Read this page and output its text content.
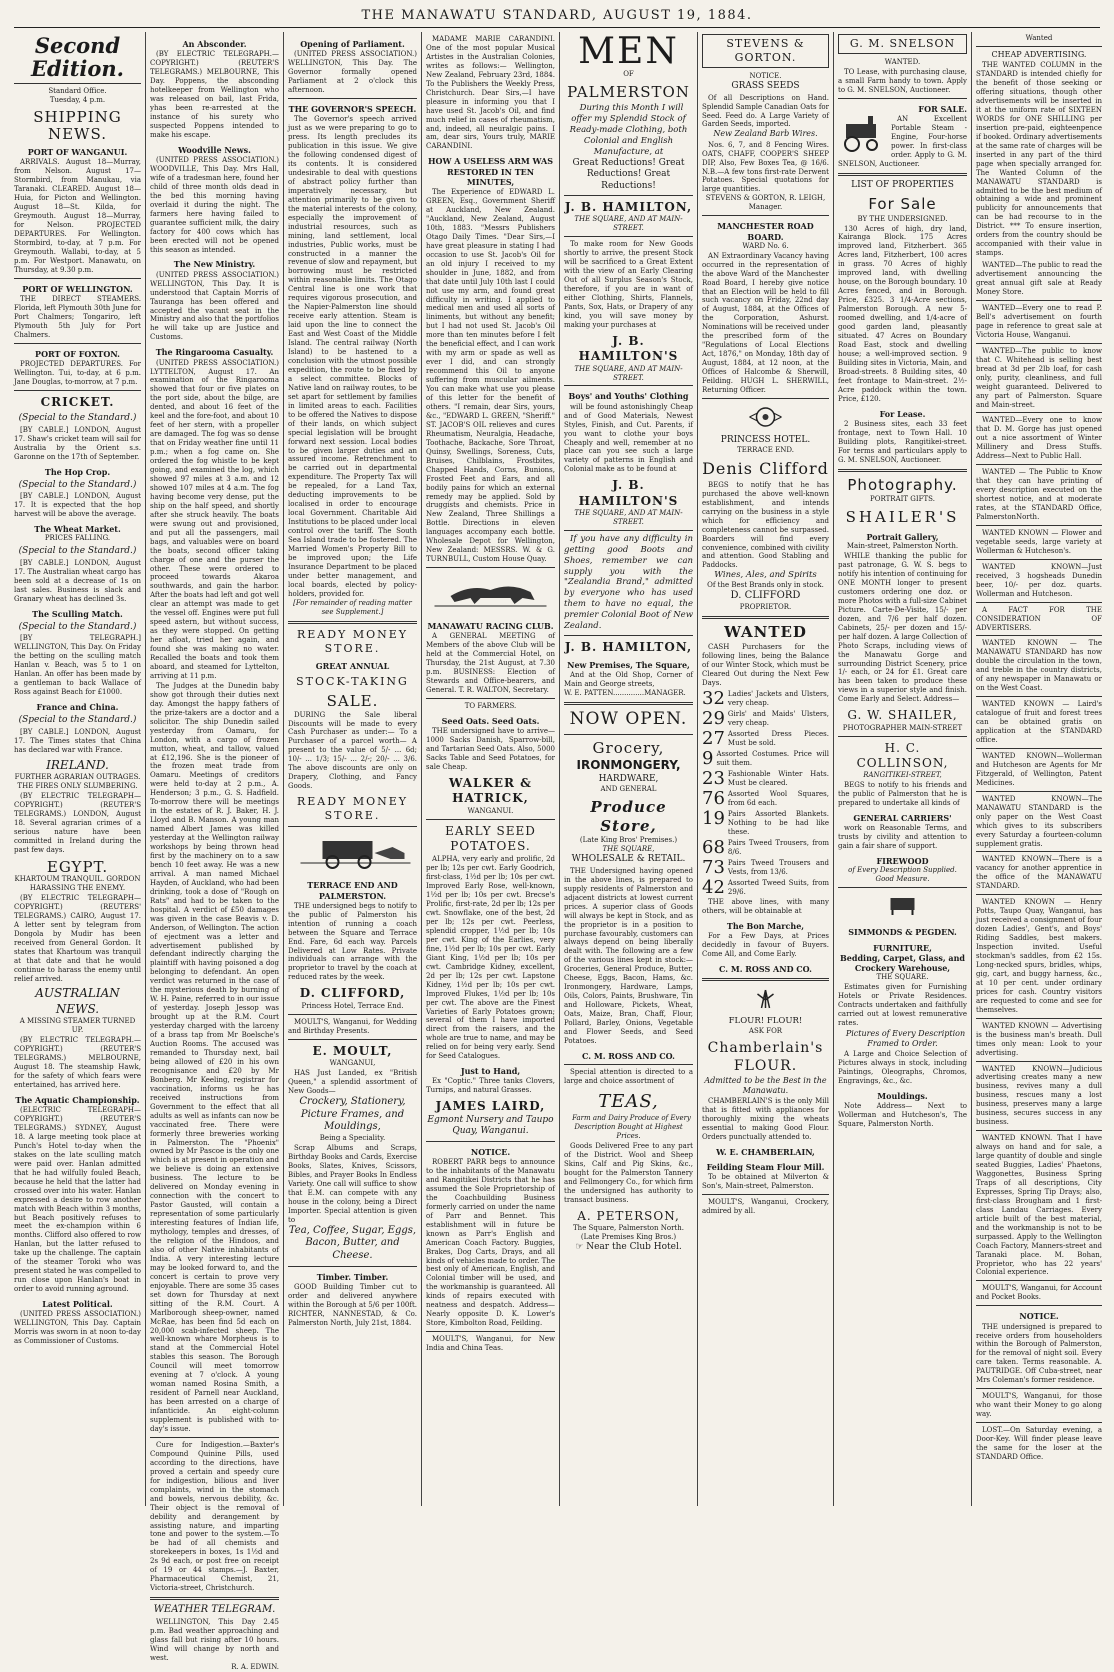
THE MANAWATU STANDARD, AUGUST 19, 1884.
Second Edition.
Standard Office.
Tuesday, 4 p.m.
SHIPPING NEWS.
PORT OF WANGANUI.

ARRIVALS. August 18—Murray, from Nelson. August 17—Stormbird, from Manukau, via Taranaki. CLEARED. August 18—Huia, for Picton and Wellington. August 18—St. Kilda, for Greymouth. August 18—Murray, for Nelson. PROJECTED DEPARTURES. For Wellington. Stormbird, to-day, at 7 p.m. For Greymouth. Wallabi, to-day, at 5 p.m. For Westport. Manawatu, on Thursday, at 9.30 p.m.

PORT OF WELLINGTON.

THE DIRECT STEAMERS. Florida, left Plymouth 30th June for Port Chalmers; Tongariro, left Plymouth 5th July for Port Chalmers.

PORT OF FOXTON.

PROJECTED DEPARTURES. For Wellington. Tui, to-day, at 6 p.m. Jane Douglas, to-morrow, at 7 p.m.

CRICKET.
(Special to the Standard.)

[BY CABLE.] LONDON, August 17. Shaw's cricket team will sail for Australia by the Orient s.s. Garonne on the 17th of September.

The Hop Crop.
(Special to the Standard.)

[BY CABLE.] LONDON, August 17. It is expected that the hop harvest will be above the average.

The Wheat Market.
PRICES FALLING.
(Special to the Standard.)

[BY CABLE.] LONDON, August 17. The Australian wheat cargo has been sold at a decrease of 1s on last sales. Business is slack and Granary wheat has declined 3s.

The Sculling Match.
(Special to the Standard.)

[BY TELEGRAPH.] WELLINGTON, This Day. On Friday the betting on the sculling match Hanlan v. Beach, was 5 to 1 on Hanlan. An offer has been made by a gentleman to back Wallace of Ross against Beach for £1000.

France and China.
(Special to the Standard.)

[BY CABLE.] LONDON, August 17. The Times states that China has declared war with France.

IRELAND.
FURTHER AGRARIAN OUTRAGES. THE FIRES ONLY SLUMBERING.

(BY ELECTRIC TELEGRAPH—COPYRIGHT.) (REUTER'S TELEGRAMS.) LONDON, August 18. Several agrarian crimes of a serious nature have been committed in Ireland during the past few days.

EGYPT.
KHARTOUM TRANQUIL. GORDON HARASSING THE ENEMY.

(BY ELECTRIC TELEGRAPH—COPYRIGHT.) (REUTERS' TELEGRAMS.) CAIRO, August 17. A letter sent by telegram from Dongola by Mudir has been received from General Gordon. It states that Khartoum was tranquil at that date and that he would continue to harass the enemy until relief arrived.

AUSTRALIAN NEWS.
A MISSING STEAMER TURNED UP.

(BY ELECTRIC TELEGRAPH.—COPYRIGHT.) (REUTER'S TELEGRAMS.) MELBOURNE, August 18. The steamship Hawk, for the safety of which fears were entertained, has arrived here.

The Aquatic Championship.

(ELECTRIC TELEGRAPH—COPYRIGHT.) (REUTER'S TELEGRAMS.) SYDNEY, August 18. A large meeting took place at Punch's Hotel to-day when the stakes on the late sculling match were paid over. Hanlan admitted that he had wilfully fouled Beach, because he held that the latter had crossed over into his water. Hanlan expressed a desire to row another match with Beach within 3 months, but Beach positively refuses to meet the ex-champion within 6 months. Clifford also offered to row Hanlan, but the latter refused to take up the challenge. The captain of the steamer Toroki who was present stated he was compelled to run close upon Hanlan's boat in order to avoid running aground.

Latest Political.

(UNITED PRESS ASSOCIATION.) WELLINGTON, This Day. Captain Morris was sworn in at noon to-day as Commissioner of Customs.

An Absconder.

(BY ELECTRIC TELEGRAPH.—COPYRIGHT.) (REUTER'S TELEGRAMS.) MELBOURNE, This Day. Poppens, the absconding hotelkeeper from Wellington who was released on bail, last Frida, yhas been re-arrested at the instance of his surety who suspected Poppens intended to make his escape.

Woodville News.

(UNITED PRESS ASSOCIATION.) WOODVILLE, This Day. Mrs Hall, wife of a tradesman here, found her child of three month olds dead in the bed this morning having overlaid it during the night. The farmers here having failed to guarantee sufficient milk, the dairy factory for 400 cows which has been erected will not be opened this season as intended.

The New Ministry.

(UNITED PRESS ASSOCIATION.) WELLINGTON, This Day. It is understood that Captain Morris of Tauranga has been offered and accepted the vacant seat in the Ministry and also that the portfolios he will take up are Justice and Customs.

The Ringarooma Casualty.

(UNITED PRESS ASSOCIATION.) LYTTELTON, August 17. An examination of the Ringarooma showed that four or five plates on the port side, about the bilge, are dented, and about 16 feet of the keel and the fore-foot, and about 10 feet of her stern, with a propeller are damaged. The fog was so dense that on Friday weather fine until 11 p.m.; when a fog came on. She ordered the fog whistle to be kept going, and examined the log, which showed 97 miles at 3 a.m. and 12 showed 107 miles at 4 a.m. The fog having become very dense, put the ship on the half speed, and shortly after she struck heavily. The boats were swung out and provisioned, and put all the passengers, mail bags, and valuables were on board the boats, second officer taking charge of one and the purser the other. These were ordered to proceed towards Akaroa southwards, and gain the harbor. After the boats had left and got well clear an attempt was made to get the vessel off. Engines were put full speed astern, but without success, as they were stopped. On getting her afloat, tried her again, and found she was making no water. Recalled the boats and took them aboard, and steamed for Lyttelton, arriving at 11 p.m.

The Judges at the Dunedin baby show got through their duties next day. Amongst the happy fathers of the prize-takers are a doctor and a solicitor. The ship Dunedin sailed yesterday from Oamaru, for London, with a cargo of frozen mutton, wheat, and tallow, valued at £12,196. She is the pioneer of the frozen meat trade from Oamaru. Meetings of creditors were held to-day at 2 p.m., A. Henderson; 3 p.m., G. S. Hadfield. To-morrow there will be meetings in the estates of R. J. Baker, H. J. Lloyd and B. Manson. A young man named Albert James was killed yesterday at the Wellington railway workshops by being thrown head first by the machinery on to a saw bench 10 feet away. He was a new arrival. A man named Michael Hayden, of Auckland, who had been drinking, took a dose of "Rough on Rats" and had to be taken to the hospital. A verdict of £50 damages was given in the case Beavis v. D. Anderson, of Wellington. The action of ejectment was a letter and advertisement published by defendant indirectly charging the plaintiff with having poisoned a dog belonging to defendant. An open verdict was returned in the case of the mysterious death by burning of W. H. Paine, referred to in our issue of yesterday. Joseph Jessop was brought up at the R.M. Court yesterday charged with the larceny of a brass tap from Mr Boelsche's Auction Rooms. The accused was remanded to Thursday next, bail being allowed of £20 in his own recognisance and £20 by Mr Bonberg. Mr Keeling, registrar for vaccination, informs us he has received instructions from Government to the effect that all adults as well as infants can now be vaccinated free. There were formerly three breweries working in Palmerston. The "Phoenix" owned by Mr Pascoe is the only one which is at present in operation and we believe is doing an extensive business. The lecture to be delivered on Monday evening in connection with the concert to Pastor Gausted, will contain a representation of some particularly interesting features of Indian life, mythology, temples and dresses, of the religion of the Hindoos, and also of other Native inhabitants of India. A very interesting lecture may be looked forward to, and the concert is certain to prove very enjoyable. There are some 35 cases set down for Thursday at next sitting of the R.M. Court. A Marlborough sheep-owner, named McRae, has been find 5d each on 20,000 scab-infected sheep. The well-known whare Morpheus is to stand at the Commercial Hotel stables this season. The Borough Council will meet tomorrow evening at 7 o'clock. A young woman named Rosina Smith, a resident of Parnell near Auckland, has been arrested on a charge of infanticide. An eight-column supplement is published with to-day's issue.

Cure for Indigestion.—Baxter's Compound Quinine Pills, used according to the directions, have proved a certain and speedy cure for indigestion, bilious and liver complaints, wind in the stomach and bowels, nervous debility, &c. Their object is the removal of debility and derangement by assisting nature, and imparting tone and power to the system.—To be had of all chemists and storekeepers in boxes, 1s 1½d and 2s 9d each, or post free on receipt of 19 or 44 stamps.—J. Baxter, Pharmaceutical Chemist, 21, Victoria-street, Christchurch.

WEATHER TELEGRAM.

WELLINGTON, This Day 2.45 p.m. Bad weather approaching and glass fall but rising after 10 hours. Wind will change by north and west.

R. A. EDWIN.
Opening of Parliament.

(UNITED PRESS ASSOCIATION.) WELLINGTON, This Day. The Governor formally opened Parliament at 2 o'clock this afternoon.

THE GOVERNOR'S SPEECH.

The Governor's speech arrived just as we were preparing to go to press. Its length precludes its publication in this issue. We give the following condensed digest of its contents. It is considered undesirable to deal with questions of abstract policy further than imperatively necessary, but attention primarily to be given to the material interests of the colony, especially the improvement of industrial resources, such as mining, land settlement, local industries, Public works, must be constructed in a manner the revenue of slow and repayment, but borrowing must be restricted within reasonable limits. The Otago Central line is one work that requires vigorous prosecution, and the Napier-Palmerston line should receive early attention. Steam is laid upon the line to connect the East and West Coast of the Middle Island. The central railway (North Island) to be hastened to a conclusion with the utmost possible expedition, the route to be fixed by a select committee. Blocks of Native land on railway routes, to be set apart for settlement by families in limited areas to each. Facilities to be offered the Natives to dispose of their lands, on which subject special legislation will be brought forward next session. Local bodies to be given larger duties and an assured income. Retrenchment to be carried out in departmental expenditure. The Property Tax will be repealed, for a Land Tax, deducting improvements to be localised in order to encourage local Government. Charitable Aid Institutions to be placed under local control over the tariff. The South Sea Island trade to be fostered. The Married Women's Property Bill to be improved upon; the Life Insurance Department to be placed under better management, and local boards, elected by policy-holders, provided for.

[For remainder of reading matter see Supplement.]
READY MONEY STORE.
GREAT ANNUAL
STOCK-TAKING
SALE.

DURING the Sale liberal Discounts will be made to every Cash Purchaser as under:— To a Purchaser of a parcel worth— A present to the value of 5/- ... 6d; 10/- ... 1/3; 15/- ... 2/-; 20/- ... 3/6. The above discounts are only on Drapery, Clothing, and Fancy Goods.

READY MONEY STORE.
TERRACE END AND PALMERSTON.

THE undersigned begs to notify to the public of Palmerston his intention of running a coach between the Square and Terrace End. Fare, 6d each way. Parcels Delivered at Low Rates. Private individuals can arrange with the proprietor to travel by the coach at reduced rates by the week.

D. CLIFFORD,
Princess Hotel, Terrace End.

MOULT'S, Wanganui, for Wedding and Birthday Presents.

E. MOULT,
WANGANUI,

HAS Just Landed, ex "British Queen," a splendid assortment of New Goods—

Crockery, Stationery, Picture Frames, and Mouldings,
Being a Speciality.

Scrap Albums and Scraps, Birthday Books and Cards, Exercise Books, Slates, Knives, Scissors, Bibles, and Prayer Books In Endless Variety. One call will suffice to show that E.M. can compete with any house in the colony, being a Direct Importer. Special attention is given to

Tea, Coffee, Sugar, Eggs, Bacon, Butter, and Cheese.
Timber. Timber.

GOOD Building Timber cut to order and delivered anywhere within the Borough at 5/6 per 100ft. RICHTER, NANNESTAD, & Co. Palmerston North, July 21st, 1884.

MADAME MARIE CARANDINI. One of the most popular Musical Artistes in the Australian Colonies, writes as follows:— Wellington, New Zealand, February 23rd, 1884. To the Publishers the Weekly Press, Christchurch. Dear Sirs,—I have pleasure in informing you that I have used St. Jacob's Oil, and find much relief in cases of rheumatism, and, indeed, all neuralgic pains. I am, dear sirs, Yours truly, MARIE CARANDINI.

HOW A USELESS ARM WAS RESTORED IN TEN MINUTES,

The Experience of EDWARD L. GREEN, Esq., Government Sheriff at Auckland, New Zealand. "Auckland, New Zealand, August 10th, 1883. "Messrs Publishers Otago Daily Times. "Dear Sirs,—I have great pleasure in stating I had occasion to use St. Jacob's Oil for an old injury I received to my shoulder in June, 1882, and from that date until July 10th last I could not use my arm, and found great difficulty in writing. I applied to medical men and used all sorts of liniments, but without any benefit; but I had not used St. Jacob's Oil more than ten minutes before I felt the beneficial effect, and I can work with my arm or spade as well as ever I did, and can strongly recommend this Oil to anyone suffering from muscular ailments. You can make what use you please of this letter for the benefit of others. "I remain, dear Sirs, yours, &c., "EDWARD L. GREEN, "Sheriff." ST. JACOB'S OIL relieves and cures Rheumatism, Neuralgia, Headache, Toothache, Backache, Sore Throat, Quinsy, Swellings, Soreness, Cuts, Bruises, Chilblains, Frostbites, Chapped Hands, Corns, Bunions, Frosted Feet and Ears, and all bodily pains for which an external remedy may be applied. Sold by druggists and chemists. Price in New Zealand, Three Shillings a Bottle. Directions in eleven languages accompany each bottle. Wholesale Depot for Wellington, New Zealand: MESSRS. W. & G. TURNBULL, Custom House Quay.

MANAWATU RACING CLUB.

A GENERAL MEETING of Members of the above Club will be held at the Commercial Hotel, on Thursday, the 21st August, at 7.30 p.m. BUSINESS: Election of Stewards and Office-bearers, and General. T. R. WALTON, Secretary.

TO FARMERS.
Seed Oats. Seed Oats.

THE undersigned have to arrive— 1000 Sacks Danish, Sparrow-bill, and Tartarian Seed Oats. Also, 5000 Sacks Table and Seed Potatoes, for sale Cheap.

WALKER & HATRICK,
WANGANUI.
EARLY SEED POTATOES.

ALPHA, very early and prolific, 2d per lb; 12s per cwt. Early Goodrich, first-class, 1½d per lb; 10s per cwt. Improved Early Rose, well-known, 1½d per lb; 10s per cwt. Brecse's Prolific, first-rate, 2d per lb; 12s per cwt. Snowflake, one of the best, 2d per lb; 12s per cwt. Peerless, splendid cropper, 1½d per lb; 10s per cwt. King of the Earlies, very fine, 1½d per lb; 10s per cwt. Early Giant King, 1½d per lb; 10s per cwt. Cambridge Kidney, excellent, 2d per lb; 12s per cwt. Lapstone Kidney, 1½d per lb; 10s per cwt. Improved Flukes, 1½d per lb; 10s per cwt. The above are the Finest Varieties of Early Potatoes grown; several of them I have imported direct from the raisers, and the whole are true to name, and may be relied on for being very early. Send for Seed Catalogues.

Just to Hand,

Ex "Coptic." Three tanks Clovers, Turnips, and natural Grasses.

JAMES LAIRD,
Egmont Nursery and Taupo Quay, Wanganui.
NOTICE.

ROBERT PARR begs to announce to the inhabitants of the Manawatu and Rangitikei Districts that he has assumed the Sole Proprietorship of the Coachbuilding Business formerly carried on under the name of Parr and Bennet. This establishment will in future be known as Parr's English and American Coach Factory. Buggies, Brakes, Dog Carts, Drays, and all kinds of vehicles made to order. The best only of American, English, and Colonial timber will be used, and the workmanship is guaranteed. All kinds of repairs executed with neatness and despatch. Address—Nearly opposite D. K. Lower's Store, Kimbolton Road, Feilding.

MOULT'S, Wanganui, for New India and China Teas.

MEN
OF
PALMERSTON

During this Month I will offer my Splendid Stock of Ready-made Clothing, both Colonial and English Manufacture, at

Great Reductions! Great Reductions! Great Reductions!
J. B. HAMILTON,
THE SQUARE, AND AT MAIN-STREET.

To make room for New Goods shortly to arrive, the present Stock will be sacrificed to a Great Extent with the view of an Early Clearing Out of all Surplus Season's Stock, therefore, if you are in want of either Clothing, Shirts, Flannels, Pants, Sox, Hats, or Drapery of any kind, you will save money by making your purchases at

J. B. HAMILTON'S
THE SQUARE, AND AT MAIN-STREET.
Boys' and Youths' Clothing

will be found astonishingly Cheap and of Good Materials, Newest Styles, Finish, and Cut. Parents, if you want to clothe your boys Cheaply and well, remember at no place can you see such a large variety of patterns in English and Colonial make as to be found at

J. B. HAMILTON'S
THE SQUARE, AND AT MAIN-STREET.

If you have any difficulty in getting good Boots and Shoes, remember we can supply you with the "Zealandia Brand," admitted by everyone who has used them to have no equal, the premier Colonial Boot of New Zealand.

J. B. HAMILTON,
New Premises, The Square,

And at the Old Shop, Corner of Main and George streets,

W. E. PATTEN..............MANAGER.
NOW OPEN.
Grocery,
IRONMONGERY,
HARDWARE,
AND GENERAL
Produce Store,
(Late King Bros' Premises.)
THE SQUARE,
WHOLESALE & RETAIL.

THE Undersigned having opened in the above lines, is prepared to supply residents of Palmerston and adjacent districts at lowest current prices. A superior class of Goods will always be kept in Stock, and as the proprietor is in a position to purchase favourably, customers can always depend on being liberally dealt with. The following are a few of the various lines kept in stock:— Groceries, General Produce, Butter, Cheese, Eggs, Bacon, Hams, &c. Ironmongery, Hardware, Lamps, Oils, Colors, Paints, Brushware, Tin and Holloware, Pickets, Wheat, Oats, Maize, Bran, Chaff, Flour, Pollard, Barley, Onions, Vegetable and Flower Seeds, and Seed Potatoes.

C. M. ROSS AND CO.

Special attention is directed to a large and choice assortment of

TEAS,

Farm and Dairy Produce of Every Description Bought at Highest Prices.

Goods Delivered Free to any part of the District. Wool and Sheep Skins, Calf and Pig Skins, &c., bought for the Palmerston Tannery and Fellmongery Co., for which firm the undersigned has authority to transact business.

A. PETERSON,
The Square, Palmerston North. (Late Premises King Bros.)
☞ Near the Club Hotel.
STEVENS & GORTON.
NOTICE.
GRASS SEEDS

Of all Descriptions on Hand. Splendid Sample Canadian Oats for Seed. Feed do. A Large Variety of Garden Seeds, imported.

New Zealand Barb Wires.

Nos. 6, 7, and 8 Fencing Wires. OATS, CHAFF, COOPER'S SHEEP DIP, Also, Few Boxes Tea, @ 16/6. N.B.—A few tons first-rate Derwent Potatoes. Special quotations for large quantities.

STEVENS & GORTON, R. LEIGH, Manager.
MANCHESTER ROAD BOARD.
WARD No. 6.

AN Extraordinary Vacancy having occurred in the representation of the above Ward of the Manchester Road Board, I hereby give notice that an Election will be held to fill such vacancy on Friday, 22nd day of August, 1884, at the Offices of the Corporation, Ashurst. Nominations will be received under the prescribed form of the "Regulations of Local Elections Act, 1876," on Monday, 18th day of August, 1884, at 12 noon, at the Offices of Halcombe & Sherwill, Feilding. HUGH L. SHERWILL, Returning Officer.

PRINCESS HOTEL.
TERRACE END.
Denis Clifford

BEGS to notify that he has purchased the above well-known establishment, and intends carrying on the business in a style which for efficiency and completeness cannot be surpassed. Boarders will find every convenience, combined with civility and attention. Good Stabling and Paddocks.

Wines, Ales, and Spirits
Of the Best Brands only in stock.
D. CLIFFORD
PROPRIETOR.
WANTED

CASH Purchasers for the following lines, being the Balance of our Winter Stock, which must be Cleared Out during the Next Few Days.

32 Ladies' Jackets and Ulsters, very cheap.
29 Girls' and Maids' Ulsters, very cheap.
27 Assorted Dress Pieces. Must be sold.
9 Assorted Costumes. Price will suit them.
23 Fashionable Winter Hats. Must be cleared.
76 Assorted Wool Squares, from 6d each.
19 Pairs Assorted Blankets. Nothing to be had like these.
68 Pairs Tweed Trousers, from 8/6.
73 Pairs Tweed Trousers and Vests, from 13/6.
42 Assorted Tweed Suits, from 29/6.

THE above lines, with many others, will be obtainable at

The Bon Marche,

For a Few Days, at Prices decidedly in favour of Buyers. Come All, and Come Early.

C. M. ROSS AND CO.
FLOUR! FLOUR!
ASK FOR
Chamberlain's FLOUR.
Admitted to be the Best in the Manawatu.

CHAMBERLAIN'S is the only Mill that is fitted with appliances for thoroughly mixing the wheats essential to making Good Flour. Orders punctually attended to.

W. E. CHAMBERLAIN,
Feilding Steam Flour Mill.

To be obtained at Milverton & Son's, Main-street, Palmerston.

MOULT'S, Wanganui, Crockery, admired by all.

G. M. SNELSON
WANTED.

TO Lease, with purchasing clause, a small Farm handy to town. Apply to G. M. SNELSON, Auctioneer.

FOR SALE.

AN Excellent Portable Steam - Engine, Four-horse power. In first-class order. Apply to G. M. SNELSON, Auctioneer.

LIST OF PROPERTIES
For Sale
BY THE UNDERSIGNED.

130 Acres of high, dry land, Kairanga Block. 175 Acres improved land, Fitzherbert. 365 Acres land, Fitzherbert, 100 acres in grass. 70 Acres of highly improved land, with dwelling house, on the Borough boundary. 10 Acres fenced, and in Borough. Price, £325. 3 1/4-Acre sections, Palmerston Borough. A new 5-roomed dwelling, and 1/4-acre of good garden land, pleasantly situated. 47 Acres on Boundary Road East, stock and dwelling house; a well-improved section. 9 Building sites in Victoria, Main, and Broad-streets. 8 Building sites, 40 feet frontage to Main-street. 2½-Acre paddock within the town. Price, £120.

For Lease.

2 Business sites, each 33 feet frontage, next to Town Hall. 10 Building plots, Rangitikei-street. For terms and particulars apply to G. M. SNELSON, Auctioneer.

Photography.
PORTRAIT GIFTS.
SHAILER'S
Portrait Gallery,
Main-street, Palmerston North.

WHILE thanking the public for past patronage, G. W. S. begs to notify his intention of continuing for ONE MONTH longer to present customers ordering one doz. or more Photos with a full-size Cabinet Picture. Carte-De-Visite, 15/- per dozen, and 7/6 per half dozen. Cabinets, 25/- per dozen and 15/- per half dozen. A large Collection of Photo Scraps, including views of the Manawatu Gorge and surrounding District Scenery, price 1/- each, or 24 for £1. Great care has been taken to produce these views in a superior style and finish. Come Early and Select. Address—

G. W. SHAILER,
PHOTOGRAPHER MAIN-STREET
H. C. COLLINSON,
RANGITIKEI-STREET,

BEGS to notify to his friends and the public of Palmerston that he is prepared to undertake all kinds of

GENERAL CARRIERS'

work on Reasonable Terms, and trusts by civility and attention to gain a fair share of support.

FIREWOOD
of Every Description Supplied. Good Measure.
SIMMONDS & PEGDEN.
FURNITURE,
Bedding, Carpet, Glass, and Crockery Warehouse,
THE SQUARE.

Estimates given for Furnishing Hotels or Private Residences. Contracts undertaken and faithfully carried out at lowest remunerative rates.

Pictures of Every Description Framed to Order.

A Large and Choice Selection of Pictures always in stock, including Paintings, Oleographs, Chromos, Engravings, &c., &c.

Mouldings.

Note Address— Next to Wollerman and Hutcheson's, The Square, Palmerston North.

Wanted
CHEAP ADVERTISING.

THE WANTED COLUMN in the STANDARD is intended chiefly for the benefit of those seeking or offering situations, though other advertisements will be inserted in it at the uniform rate of SIXTEEN WORDS for ONE SHILLING per insertion pre-paid, eighteenpence if booked. Ordinary advertisements at the same rate of charges will be inserted in any part of the third page when specially arranged for. The Wanted Column of the MANAWATU STANDARD is admitted to be the best medium of obtaining a wide and prominent publicity for announcements that can be had recourse to in the District. *** To ensure insertion, orders from the country should be accompanied with their value in stamps.

WANTED—The public to read the advertisement announcing the great annual gift sale at Ready Money Store.

WANTED—Every one to read P. Bell's advertisement on fourth page in reference to great sale at Victoria House, Wanganui.

WANTED—The public to know that C. Whitehead is selling best bread at 3d per 2lb loaf, for cash only, purity, cleanliness, and full weight guaranteed. Delivered to any part of Palmerston. Square and Main-street.

WANTED—Every one to know that D. M. Gorge has just opened out a nice assortment of Winter Millinery and Dress Stuffs. Address—Next to Public Hall.

WANTED — The Public to Know that they can have printing of every description executed on the shortest notice, and at moderate rates, at the STANDARD Office, PalmerstonNorth.

WANTED KNOWN — Flower and vegetable seeds, large variety at Wollerman & Hutcheson's.

WANTED KNOWN—Just received, 3 hogsheads Dunedin beer, 10/- per doz. quarts. Wollerman and Hutcheson.

A FACT FOR THE CONSIDERATION OF ADVERTISERS.

WANTED KNOWN — The MANAWATU STANDARD has now double the circulation in the town, and treble in the country districts, of any newspaper in Manawatu or on the West Coast.

WANTED KNOWN — Laird's catalogue of fruit and forest trees can be obtained gratis on application at the STANDARD office.

WANTED KNOWN—Wollerman and Hutcheson are Agents for Mr Fitzgerald, of Wellington, Patent Medicines.

WANTED KNOWN—The MANAWATU STANDARD is the only paper on the West Coast which gives to its subscribers every Saturday a fourteen-column supplement gratis.

WANTED KNOWN—There is a vacancy for another apprentice in the office of the MANAWATU STANDARD.

WANTED KNOWN — Henry Potts, Taupo Quay, Wanganui, has just received a consignment of four dozen Ladies', Gent's, and Boys' Riding Saddles, best makers. Inspection invited. Useful stockman's saddles, from £2 15s. Long-necked spurs, bridles, whips, gig, cart, and buggy harness, &c., at 10 per cent. under ordinary prices for cash. Country visitors are requested to come and see for themselves.

WANTED KNOWN — Advertising is the business man's breath. Dull times only mean: Look to your advertising.

WANTED KNOWN—Judicious advertising creates many a new business, revives many a dull business, rescues many a lost business, preserves many a large business, secures success in any business.

WANTED KNOWN. That I have always on hand and for sale, a large quantity of double and single seated Buggies, Ladies' Phaetons, Waggonettes, Business Spring Traps of all descriptions, City Expresses, Spring Tip Drays; also, first-class Brougham and 1 first-class Landau Carriages. Every article built of the best material, and the workmanship is not to be surpassed. Apply to the Wellington Coach Factory, Manners-street and Taranaki place. M. Bohan, Proprietor, who has 22 years' Colonial experience.

MOULT'S, Wanganui, for Account and Pocket Books.

NOTICE.

THE undersigned is prepared to receive orders from householders within the Borough of Palmerston, for the removal of night soil. Every care taken. Terms reasonable. A. PAUTRIDGE. Off Cuba-street, near Mrs Coleman's former residence.

MOULT'S, Wanganui, for those who want their Money to go along way.

LOST.—On Saturday evening, a Door-Key. Will finder please leave the same for the loser at the STANDARD Office.
